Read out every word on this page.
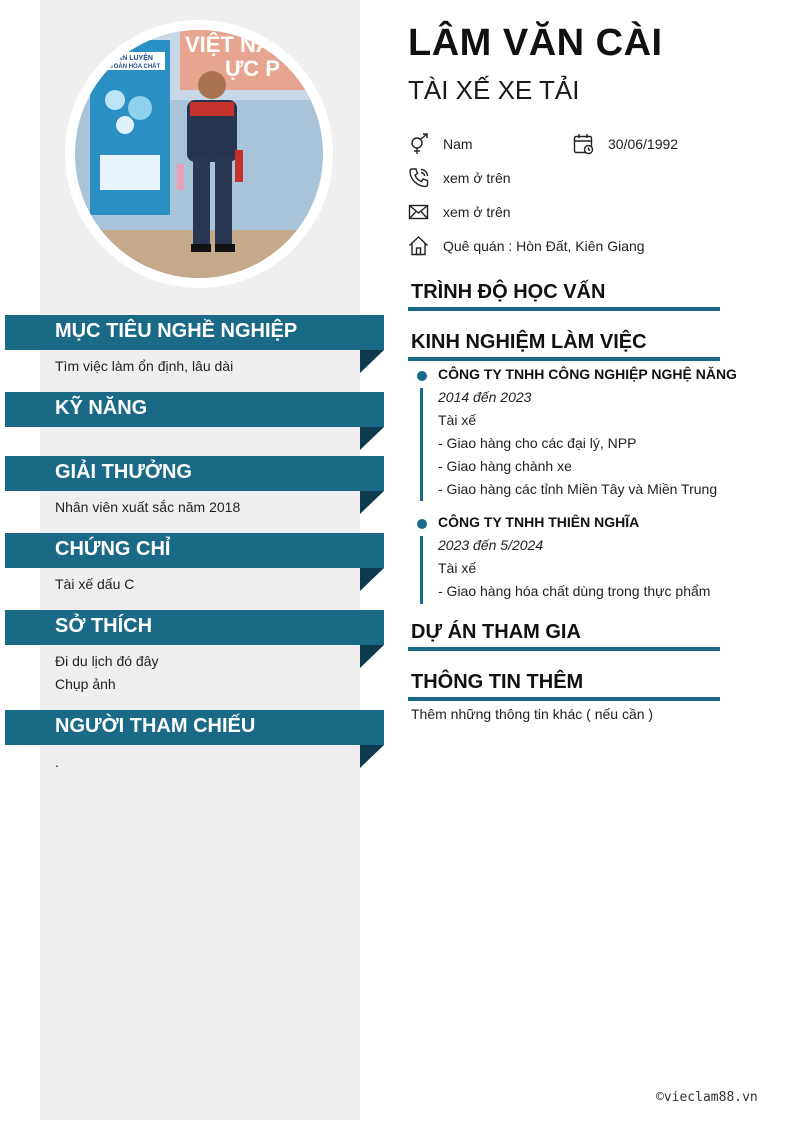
VIỆT NA
ỰC P
HUẤN LUYỆN
AN TOÀN HÓA CHẤT
MỤC TIÊU NGHỀ NGHIỆP
Tìm việc làm ổn định, lâu dài
KỸ NĂNG
GIẢI THƯỞNG
Nhân viên xuất sắc năm 2018
CHỨNG CHỈ
Tài xế dấu C
SỞ THÍCH
Đi du lịch đó đây
Chụp ảnh
NGƯỜI THAM CHIẾU
.
LÂM VĂN CÀI
TÀI XẾ XE TẢI
Nam	30/06/1992
xem ở trên
xem ở trên
Quê quán : Hòn Đất, Kiên Giang
TRÌNH ĐỘ HỌC VẤN
KINH NGHIỆM LÀM VIỆC
CÔNG TY TNHH CÔNG NGHIỆP NGHỆ NĂNG
2014 đến 2023
Tài xế
- Giao hàng cho các đại lý, NPP
- Giao hàng chành xe
- Giao hàng các tỉnh Miền Tây và Miền Trung
CÔNG TY TNHH THIÊN NGHĨA
2023 đến 5/2024
Tài xế
- Giao hàng hóa chất dùng trong thực phẩm
DỰ ÁN THAM GIA
THÔNG TIN THÊM
Thêm những thông tin khác ( nếu cần )
©vieclam88.vn
